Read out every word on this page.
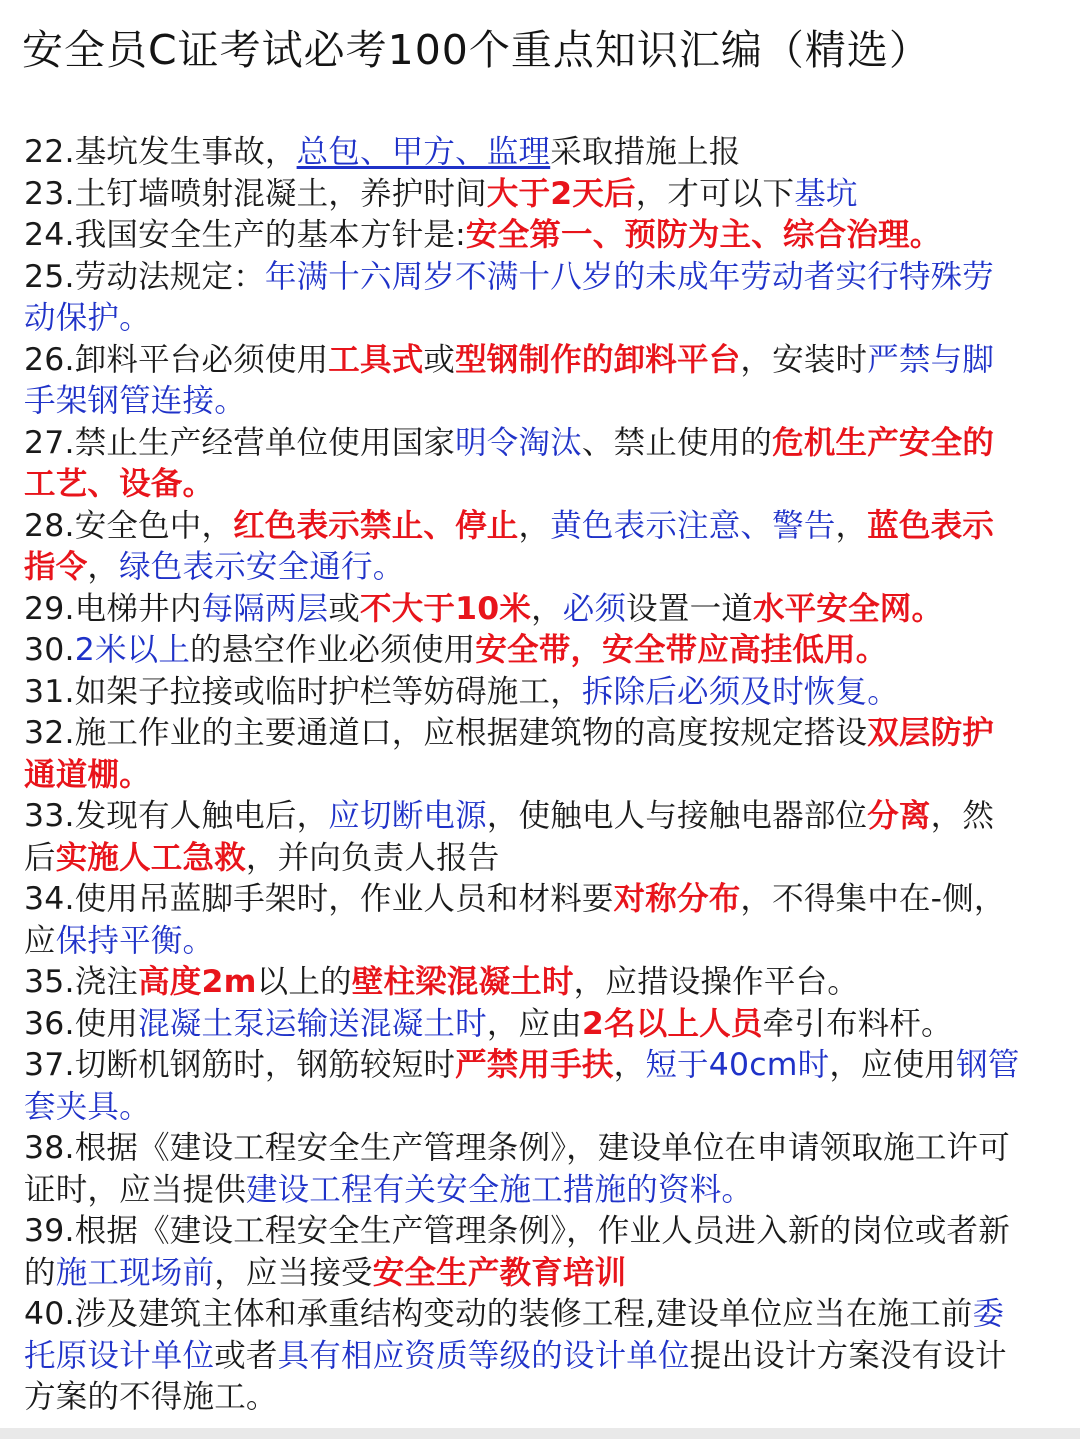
安全员C证考试必考100个重点知识汇编（精选）
22.基坑发生事故，总包、甲方、监理采取措施上报
23.土钉墙喷射混凝土，养护时间大于2天后，才可以下基坑
24.我国安全生产的基本方针是:安全第一、预防为主、综合治理。
25.劳动法规定：年满十六周岁不满十八岁的未成年劳动者实行特殊劳动保护。
26.卸料平台必须使用工具式或型钢制作的卸料平台，安装时严禁与脚手架钢管连接。
27.禁止生产经营单位使用国家明令淘汰、禁止使用的危机生产安全的工艺、设备。
28.安全色中，红色表示禁止、停止，黄色表示注意、警告，蓝色表示指令，绿色表示安全通行。
29.电梯井内每隔两层或不大于10米，必须设置一道水平安全网。
30.2米以上的悬空作业必须使用安全带，安全带应高挂低用。
31.如架子拉接或临时护栏等妨碍施工，拆除后必须及时恢复。
32.施工作业的主要通道口，应根据建筑物的高度按规定搭设双层防护通道棚。
33.发现有人触电后，应切断电源，使触电人与接触电器部位分离，然后实施人工急救，并向负责人报告
34.使用吊蓝脚手架时，作业人员和材料要对称分布，不得集中在-侧，应保持平衡。
35.浇注高度2m以上的壁柱梁混凝土时，应措设操作平台。
36.使用混凝土泵运输送混凝土时，应由2名以上人员牵引布料杆。
37.切断机钢筋时，钢筋较短时严禁用手扶，短于40cm时，应使用钢管套夹具。
38.根据《建设工程安全生产管理条例》，建设单位在申请领取施工许可证时，应当提供建设工程有关安全施工措施的资料。
39.根据《建设工程安全生产管理条例》，作业人员进入新的岗位或者新的施工现场前，应当接受安全生产教育培训
40.涉及建筑主体和承重结构变动的装修工程,建设单位应当在施工前委托原设计单位或者具有相应资质等级的设计单位提出设计方案没有设计方案的不得施工。
